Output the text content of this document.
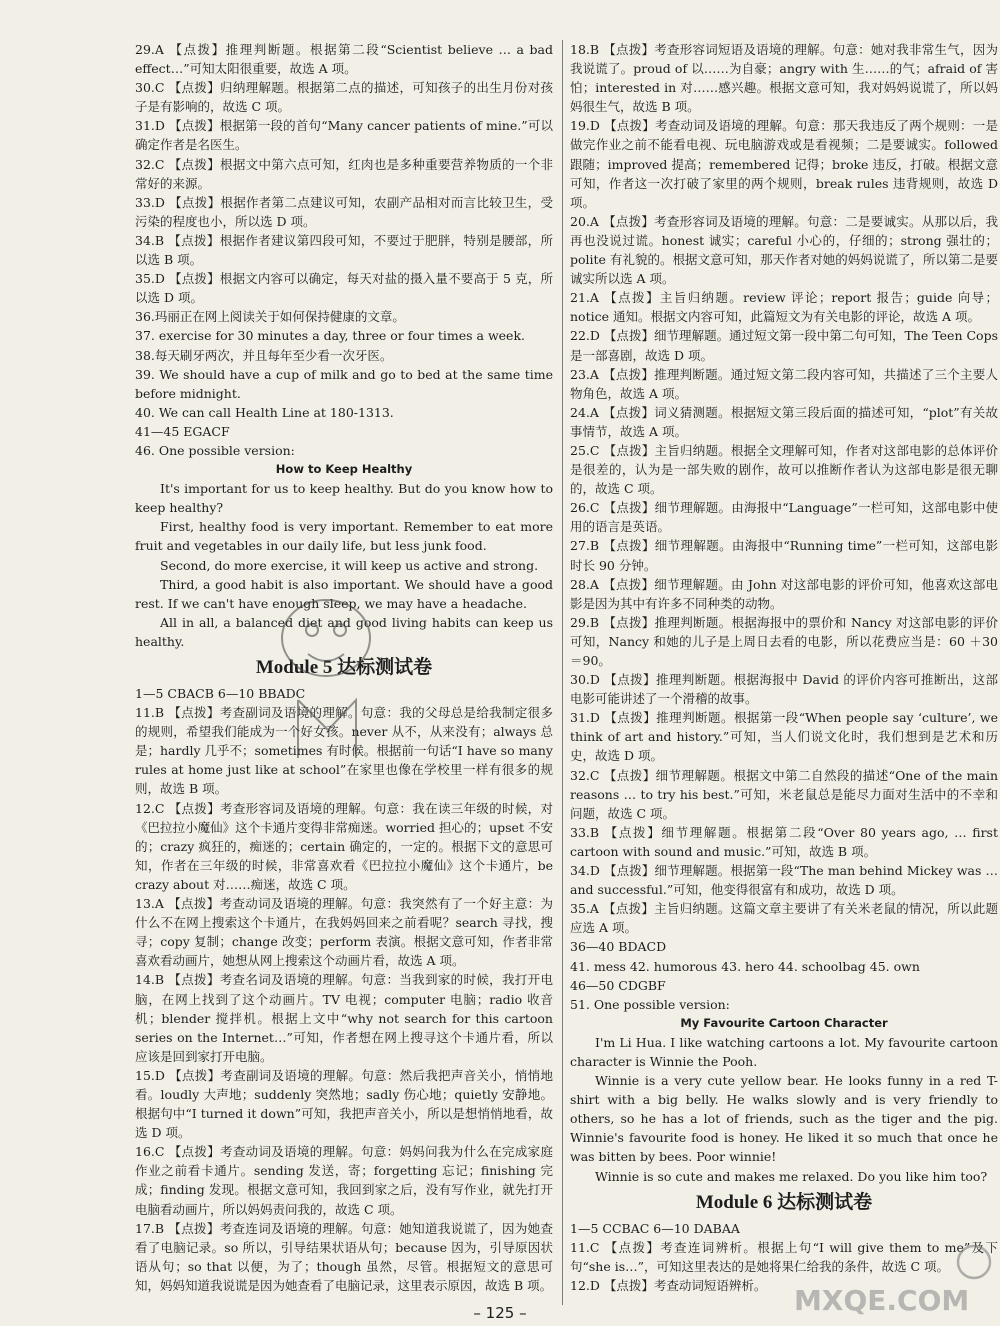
29.A 【点拨】推理判断题。根据第二段“Scientist believe … a bad effect…”可知太阳很重要，故选 A 项。

30.C 【点拨】归纳理解题。根据第二点的描述，可知孩子的出生月份对孩子是有影响的，故选 C 项。

31.D 【点拨】根据第一段的首句“Many cancer patients of mine.”可以确定作者是名医生。

32.C 【点拨】根据文中第六点可知，红肉也是多种重要营养物质的一个非常好的来源。

33.D 【点拨】根据作者第二点建议可知，农副产品相对而言比较卫生，受污染的程度也小，所以选 D 项。

34.B 【点拨】根据作者建议第四段可知，不要过于肥胖，特别是腰部，所以选 B 项。

35.D 【点拨】根据文内容可以确定，每天对盐的摄入量不要高于 5 克，所以选 D 项。

36.玛丽正在网上阅读关于如何保持健康的文章。

37. exercise for 30 minutes a day, three or four times a week.

38.每天刷牙两次，并且每年至少看一次牙医。

39. We should have a cup of milk and go to bed at the same time before midnight.

40. We can call Health Line at 180-1313.

41—45 EGACF

46. One possible version:

How to Keep Healthy

It's important for us to keep healthy. But do you know how to keep healthy?

First, healthy food is very important. Remember to eat more fruit and vegetables in our daily life, but less junk food.

Second, do more exercise, it will keep us active and strong.

Third, a good habit is also important. We should have a good rest. If we can't have enough sleep, we may have a headache.

All in all, a balanced diet and good living habits can keep us healthy.

Module 5 达标测试卷

1—5 CBACB 6—10 BBADC

11.B 【点拨】考查副词及语境的理解。句意：我的父母总是给我制定很多的规则，希望我们能成为一个好女孩。never 从不，从来没有；always 总是；hardly 几乎不；sometimes 有时候。根据前一句话“I have so many rules at home just like at school”在家里也像在学校里一样有很多的规则，故选 B 项。

12.C 【点拨】考查形容词及语境的理解。句意：我在读三年级的时候，对《巴拉拉小魔仙》这个卡通片变得非常痴迷。worried 担心的；upset 不安的；crazy 疯狂的，痴迷的；certain 确定的，一定的。根据下文的意思可知，作者在三年级的时候，非常喜欢看《巴拉拉小魔仙》这个卡通片，be crazy about 对……痴迷，故选 C 项。

13.A 【点拨】考查动词及语境的理解。句意：我突然有了一个好主意：为什么不在网上搜索这个卡通片，在我妈妈回来之前看呢？search 寻找，搜寻；copy 复制；change 改变；perform 表演。根据文意可知，作者非常喜欢看动画片，她想从网上搜索这个动画片看，故选 A 项。

14.B 【点拨】考查名词及语境的理解。句意：当我到家的时候，我打开电脑，在网上找到了这个动画片。TV 电视；computer 电脑；radio 收音机；blender 搅拌机。根据上文中“why not search for this cartoon series on the Internet…”可知，作者想在网上搜寻这个卡通片看，所以应该是回到家打开电脑。

15.D 【点拨】考查副词及语境的理解。句意：然后我把声音关小，悄悄地看。loudly 大声地；suddenly 突然地；sadly 伤心地；quietly 安静地。根据句中“I turned it down”可知，我把声音关小，所以是想悄悄地看，故选 D 项。

16.C 【点拨】考查动词及语境的理解。句意：妈妈问我为什么在完成家庭作业之前看卡通片。sending 发送，寄；forgetting 忘记；finishing 完成；finding 发现。根据文意可知，我回到家之后，没有写作业，就先打开电脑看动画片，所以妈妈责问我的，故选 C 项。

17.B 【点拨】考查连词及语境的理解。句意：她知道我说谎了，因为她查看了电脑记录。so 所以，引导结果状语从句；because 因为，引导原因状语从句；so that 以便，为了；though 虽然，尽管。根据短文的意思可知，妈妈知道我说谎是因为她查看了电脑记录，这里表示原因，故选 B 项。

18.B 【点拨】考查形容词短语及语境的理解。句意：她对我非常生气，因为我说谎了。proud of 以……为自豪；angry with 生……的气；afraid of 害怕；interested in 对……感兴趣。根据文意可知，我对妈妈说谎了，所以妈妈很生气，故选 B 项。

19.D 【点拨】考查动词及语境的理解。句意：那天我违反了两个规则：一是做完作业之前不能看电视、玩电脑游戏或是看视频；二是要诚实。followed 跟随；improved 提高；remembered 记得；broke 违反，打破。根据文意可知，作者这一次打破了家里的两个规则，break rules 违背规则，故选 D 项。

20.A 【点拨】考查形容词及语境的理解。句意：二是要诚实。从那以后，我再也没说过谎。honest 诚实；careful 小心的，仔细的；strong 强壮的；polite 有礼貌的。根据文意可知，那天作者对她的妈妈说谎了，所以第二是要诚实所以选 A 项。

21.A 【点拨】主旨归纳题。review 评论；report 报告；guide 向导；notice 通知。根据文内容可知，此篇短文为有关电影的评论，故选 A 项。

22.D 【点拨】细节理解题。通过短文第一段中第二句可知，The Teen Cops 是一部喜剧，故选 D 项。

23.A 【点拨】推理判断题。通过短文第二段内容可知，共描述了三个主要人物角色，故选 A 项。

24.A 【点拨】词义猜测题。根据短文第三段后面的描述可知，“plot”有关故事情节，故选 A 项。

25.C 【点拨】主旨归纳题。根据全文理解可知，作者对这部电影的总体评价是很差的，认为是一部失败的剧作，故可以推断作者认为这部电影是很无聊的，故选 C 项。

26.C 【点拨】细节理解题。由海报中“Language”一栏可知，这部电影中使用的语言是英语。

27.B 【点拨】细节理解题。由海报中“Running time”一栏可知，这部电影时长 90 分钟。

28.A 【点拨】细节理解题。由 John 对这部电影的评价可知，他喜欢这部电影是因为其中有许多不同种类的动物。

29.B 【点拨】推理判断题。根据海报中的票价和 Nancy 对这部电影的评价可知，Nancy 和她的儿子是上周日去看的电影，所以花费应当是：60 ＋30 ＝90。

30.D 【点拨】推理判断题。根据海报中 David 的评价内容可推断出，这部电影可能讲述了一个滑稽的故事。

31.D 【点拨】推理判断题。根据第一段“When people say ‘culture’, we think of art and history.”可知，当人们说文化时，我们想到是艺术和历史，故选 D 项。

32.C 【点拨】细节理解题。根据文中第二自然段的描述“One of the main reasons … to try his best.”可知，米老鼠总是能尽力面对生活中的不幸和问题，故选 C 项。

33.B 【点拨】细节理解题。根据第二段“Over 80 years ago, … first cartoon with sound and music.”可知，故选 B 项。

34.D 【点拨】细节理解题。根据第一段“The man behind Mickey was … and successful.”可知，他变得很富有和成功，故选 D 项。

35.A 【点拨】主旨归纳题。这篇文章主要讲了有关米老鼠的情况，所以此题应选 A 项。

36—40 BDACD

41. mess 42. humorous 43. hero 44. schoolbag 45. own

46—50 CDGBF

51. One possible version:

My Favourite Cartoon Character

I'm Li Hua. I like watching cartoons a lot. My favourite cartoon character is Winnie the Pooh.

Winnie is a very cute yellow bear. He looks funny in a red T-shirt with a big belly. He walks slowly and is very friendly to others, so he has a lot of friends, such as the tiger and the pig. Winnie's favourite food is honey. He liked it so much that once he was bitten by bees. Poor winnie!

Winnie is so cute and makes me relaxed. Do you like him too?

Module 6 达标测试卷

1—5 CCBAC 6—10 DABAA

11.C 【点拨】考查连词辨析。根据上句“I will give them to me”及下句“she is…”，可知这里表达的是她将果仁给我的条件，故选 C 项。

12.D 【点拨】考查动词短语辨析。

– 125 –	MXQE.COM
